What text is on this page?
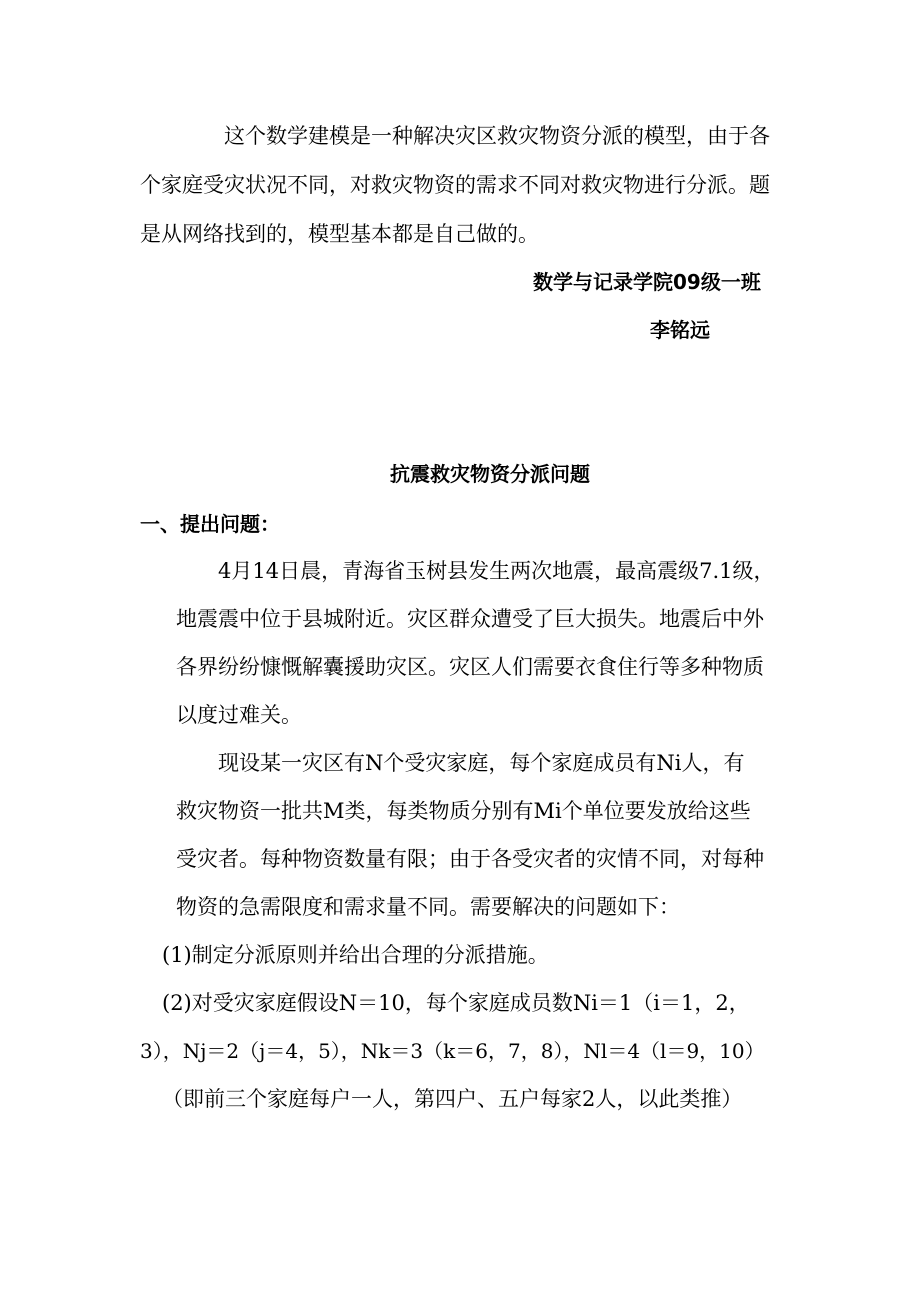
这个数学建模是一种解决灾区救灾物资分派的模型，由于各
个家庭受灾状况不同，对救灾物资的需求不同对救灾物进行分派。题
是从网络找到的，模型基本都是自己做的。
数学与记录学院09级一班
李铭远
抗震救灾物资分派问题
一、提出问题：
4月14日晨，青海省玉树县发生两次地震，最高震级7.1级，
地震震中位于县城附近。灾区群众遭受了巨大损失。地震后中外
各界纷纷慷慨解囊援助灾区。灾区人们需要衣食住行等多种物质
以度过难关。
现设某一灾区有N个受灾家庭，每个家庭成员有Ni人，有
救灾物资一批共M类，每类物质分别有Mi个单位要发放给这些
受灾者。每种物资数量有限；由于各受灾者的灾情不同，对每种
物资的急需限度和需求量不同。需要解决的问题如下：
(1)制定分派原则并给出合理的分派措施。
(2)对受灾家庭假设N＝10，每个家庭成员数Ni＝1（i＝1，2，
3），Nj＝2（j＝4，5），Nk＝3（k＝6，7，8），Nl＝4（l＝9，10）
（即前三个家庭每户一人，第四户、五户每家2人，以此类推）
